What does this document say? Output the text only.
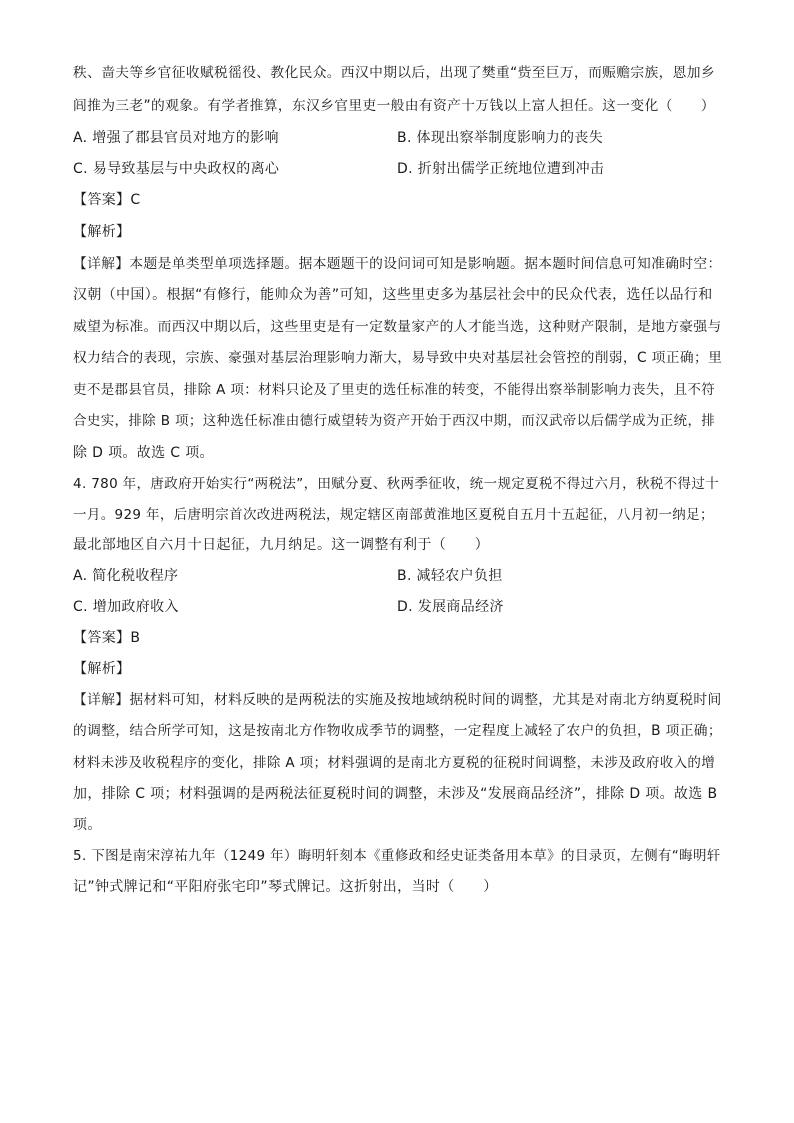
秩、啬夫等乡官征收赋税徭役、教化民众。西汉中期以后，出现了樊重“赀至巨万，而赈赡宗族，恩加乡
闾推为三老”的观象。有学者推算，东汉乡官里吏一般由有资产十万钱以上富人担任。这一变化（　　）
A. 增强了郡县官员对地方的影响	B. 体现出察举制度影响力的丧失
C. 易导致基层与中央政权的离心	D. 折射出儒学正统地位遭到冲击
【答案】C
【解析】
【详解】本题是单类型单项选择题。据本题题干的设问词可知是影响题。据本题时间信息可知准确时空：
汉朝（中国）。根据“有修行，能帅众为善”可知，这些里吏多为基层社会中的民众代表，选任以品行和
威望为标准。而西汉中期以后，这些里吏是有一定数量家产的人才能当选，这种财产限制，是地方豪强与
权力结合的表现，宗族、豪强对基层治理影响力渐大，易导致中央对基层社会管控的削弱，C 项正确；里
吏不是郡县官员，排除 A 项：材料只论及了里吏的选任标准的转变，不能得出察举制影响力丧失，且不符
合史实，排除 B 项；这种选任标准由德行威望转为资产开始于西汉中期，而汉武帝以后儒学成为正统，排
除 D 项。故选 C 项。
4. 780 年，唐政府开始实行“两税法”，田赋分夏、秋两季征收，统一规定夏税不得过六月，秋税不得过十
一月。929 年，后唐明宗首次改进两税法，规定辖区南部黄淮地区夏税自五月十五起征，八月初一纳足；
最北部地区自六月十日起征，九月纳足。这一调整有利于（　　）
A. 简化税收程序	B. 减轻农户负担
C. 增加政府收入	D. 发展商品经济
【答案】B
【解析】
【详解】据材料可知，材料反映的是两税法的实施及按地域纳税时间的调整，尤其是对南北方纳夏税时间
的调整，结合所学可知，这是按南北方作物收成季节的调整，一定程度上减轻了农户的负担，B 项正确；
材料未涉及收税程序的变化，排除 A 项；材料强调的是南北方夏税的征税时间调整，未涉及政府收入的增
加，排除 C 项；材料强调的是两税法征夏税时间的调整，未涉及“发展商品经济”，排除 D 项。故选 B
项。
5. 下图是南宋淳祐九年（1249 年）晦明轩刻本《重修政和经史证类备用本草》的目录页，左侧有“晦明轩
记”钟式牌记和“平阳府张宅印”琴式牌记。这折射出，当时（　　）
